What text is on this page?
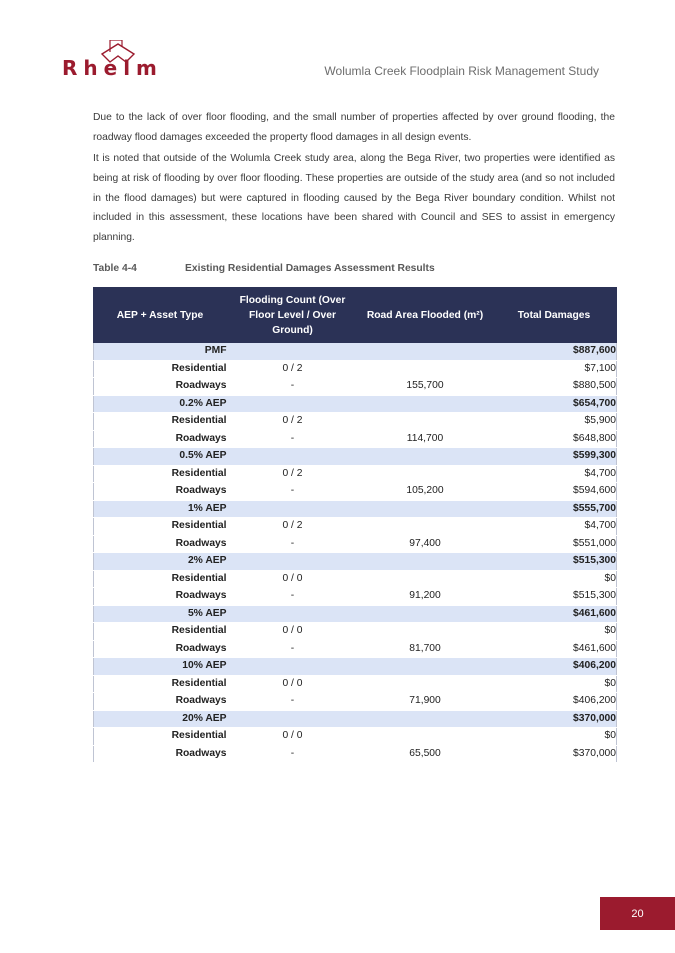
Rhelm	Wolumla Creek Floodplain Risk Management Study

Due to the lack of over floor flooding, and the small number of properties affected by over ground flooding, the roadway flood damages exceeded the property flood damages in all design events.

It is noted that outside of the Wolumla Creek study area, along the Bega River, two properties were identified as being at risk of flooding by over floor flooding. These properties are outside of the study area (and so not included in the flood damages) but were captured in flooding caused by the Bega River boundary condition. Whilst not included in this assessment, these locations have been shared with Council and SES to assist in emergency planning.

Table 4-4	Existing Residential Damages Assessment Results
AEP + Asset Type	Flooding Count (Over Floor Level / Over Ground)	Road Area Flooded (m²)	Total Damages
PMF			$887,600
Residential	0 / 2		$7,100
Roadways	-	155,700	$880,500
0.2% AEP			$654,700
Residential	0 / 2		$5,900
Roadways	-	114,700	$648,800
0.5% AEP			$599,300
Residential	0 / 2		$4,700
Roadways	-	105,200	$594,600
1% AEP			$555,700
Residential	0 / 2		$4,700
Roadways	-	97,400	$551,000
2% AEP			$515,300
Residential	0 / 0		$0
Roadways	-	91,200	$515,300
5% AEP			$461,600
Residential	0 / 0		$0
Roadways	-	81,700	$461,600
10% AEP			$406,200
Residential	0 / 0		$0
Roadways	-	71,900	$406,200
20% AEP			$370,000
Residential	0 / 0		$0
Roadways	-	65,500	$370,000
20
